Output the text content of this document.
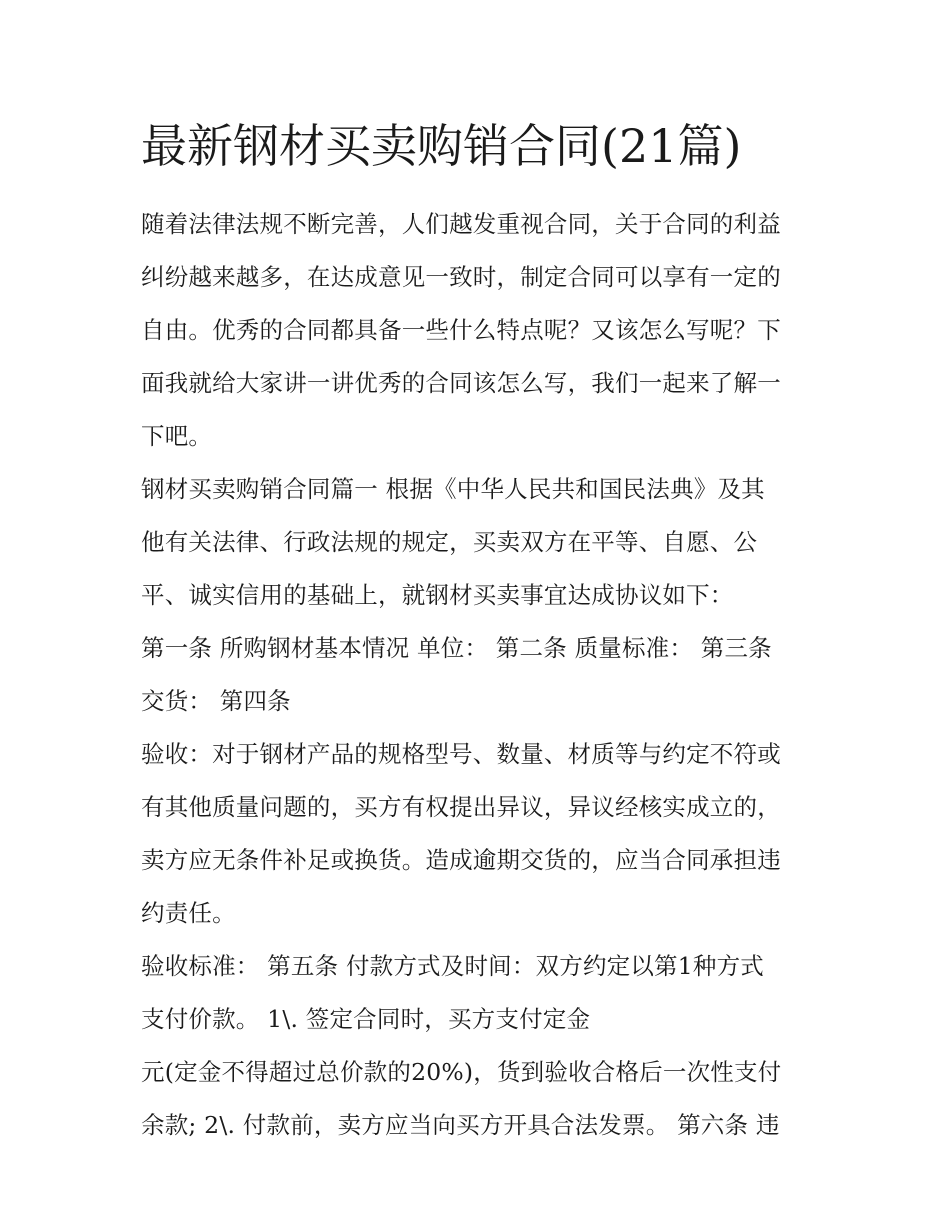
最新钢材买卖购销合同(21篇)
随着法律法规不断完善，人们越发重视合同，关于合同的利益
纠纷越来越多，在达成意见一致时，制定合同可以享有一定的
自由。优秀的合同都具备一些什么特点呢？又该怎么写呢？下
面我就给大家讲一讲优秀的合同该怎么写，我们一起来了解一
下吧。
钢材买卖购销合同篇一 根据《中华人民共和国民法典》及其
他有关法律、行政法规的规定，买卖双方在平等、自愿、公
平、诚实信用的基础上，就钢材买卖事宜达成协议如下：
第一条 所购钢材基本情况 单位： 第二条 质量标准： 第三条
交货： 第四条
验收：对于钢材产品的规格型号、数量、材质等与约定不符或
有其他质量问题的，买方有权提出异议，异议经核实成立的，
卖方应无条件补足或换货。造成逾期交货的，应当合同承担违
约责任。
验收标准： 第五条 付款方式及时间：双方约定以第1种方式
支付价款。 1\. 签定合同时，买方支付定金
元(定金不得超过总价款的20%)，货到验收合格后一次性支付
余款; 2\. 付款前，卖方应当向买方开具合法发票。 第六条 违
